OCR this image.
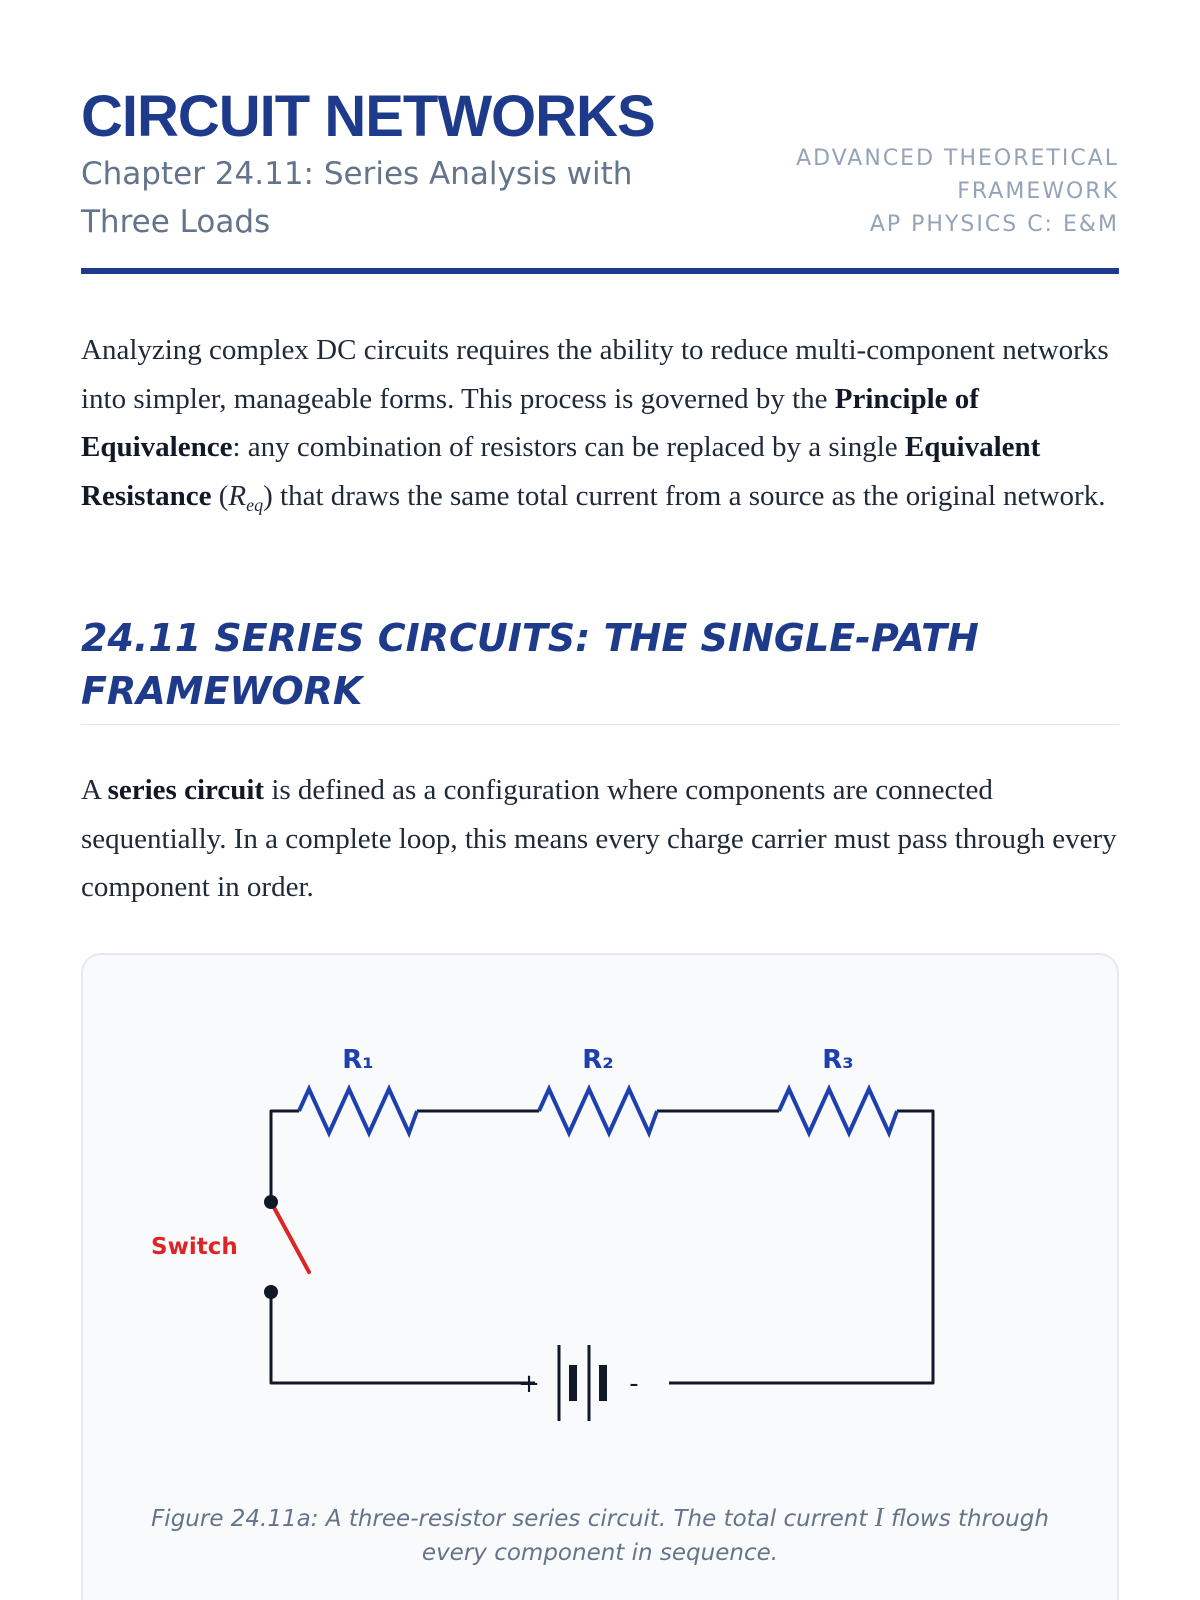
CIRCUIT NETWORKS
Chapter 24.11: Series Analysis with Three Loads
ADVANCED THEORETICAL FRAMEWORK
AP PHYSICS C: E&M

Analyzing complex DC circuits requires the ability to reduce multi-component networks into simpler, manageable forms. This process is governed by the Principle of Equivalence: any combination of resistors can be replaced by a single Equivalent Resistance $(R_{eq})$ that draws the same total current from a source as the original network.

24.11 SERIES CIRCUITS: THE SINGLE-PATH FRAMEWORK

A series circuit is defined as a configuration where components are connected sequentially. In a complete loop, this means every charge carrier must pass through every component in order.

R₁	R₂	R₃
Switch
+	-
Figure 24.11a: A three-resistor series circuit. The total current I flows through every component in sequence.
